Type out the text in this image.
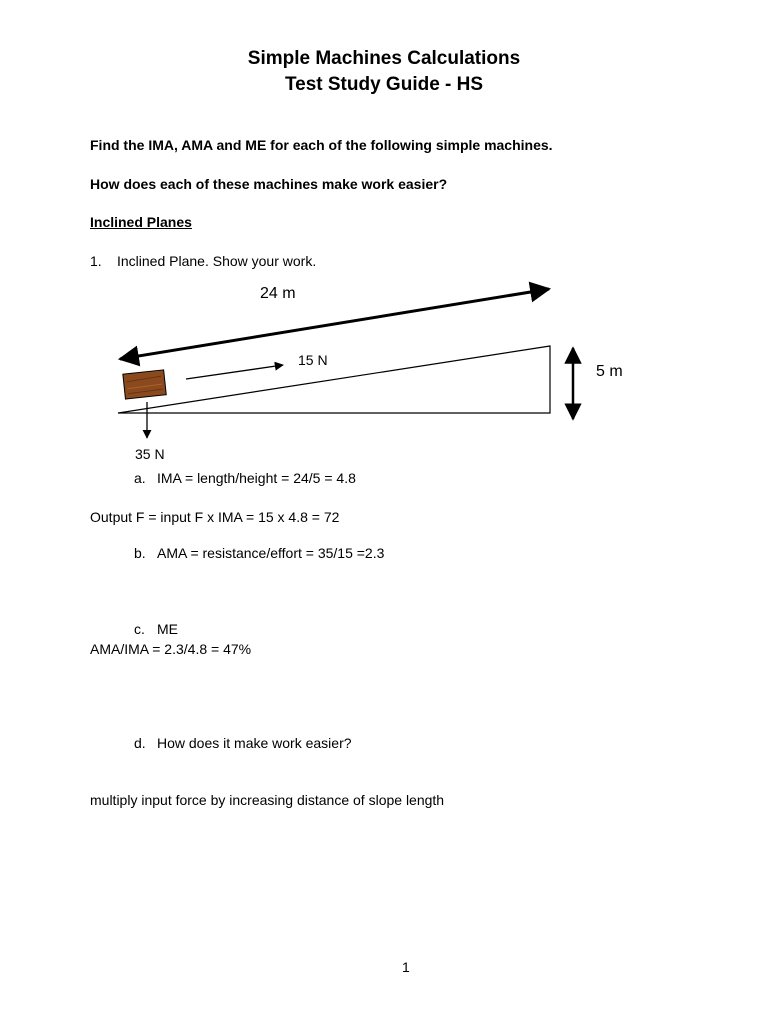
Simple Machines Calculations
Test Study Guide - HS
Find the IMA, AMA and ME for each of the following simple machines.
How does each of these machines make work easier?
Inclined Planes
1. Inclined Plane. Show your work.
24 m
15 N
5 m
35 N
a. IMA = length/height = 24/5 = 4.8
Output F = input F x IMA = 15 x 4.8 = 72
b. AMA = resistance/effort = 35/15 =2.3
c. ME
AMA/IMA = 2.3/4.8 = 47%
d. How does it make work easier?
multiply input force by increasing distance of slope length
1
